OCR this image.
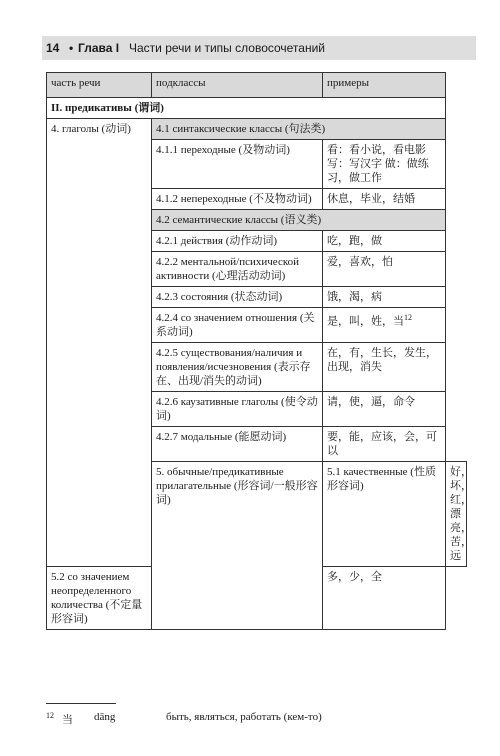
14 • Глава I Части речи и типы словосочетаний
часть речи	подклассы	примеры	
II. предикативы (谓词)			
4. глаголы (动词)	4.1 синтаксические классы (句法类)		
	4.1.1 переходные (及物动词)	看：看小说，看电影 写：写汉字 做：做练习，做工作	
	4.1.2 непереходные (不及物动词)	休息，毕业，结婚	
	4.2 семантические классы (语义类)		
	4.2.1 действия (动作动词)	吃，跑，做	
	4.2.2 ментальной/психической активности (心理活动动词)	爱，喜欢，怕	
	4.2.3 состояния (状态动词)	饿，渴，病	
	4.2.4 со значением отношения (关系动词)	是，叫，姓，当$^{12}$
	4.2.5 существования/наличия и появления/исчезновения (表示存在、出现/消失的动词)	在，有，生长，发生，出现，消失	
	4.2.6 каузативные глаголы (使令动词)	请，使，逼，命令	
	4.2.7 модальные (能愿动词)	要，能，应该，会，可以	
	5. обычные/предикативные прилагательные (形容词/一般形容词)	5.1 качественные (性质形容词)	好，坏，红，漂亮，苦，远
5.2 со значением неопределенного количества (不定量形容词)		多，少，全	
$^{12}$ 当 dāng	быть, являться, работать (кем-то)
